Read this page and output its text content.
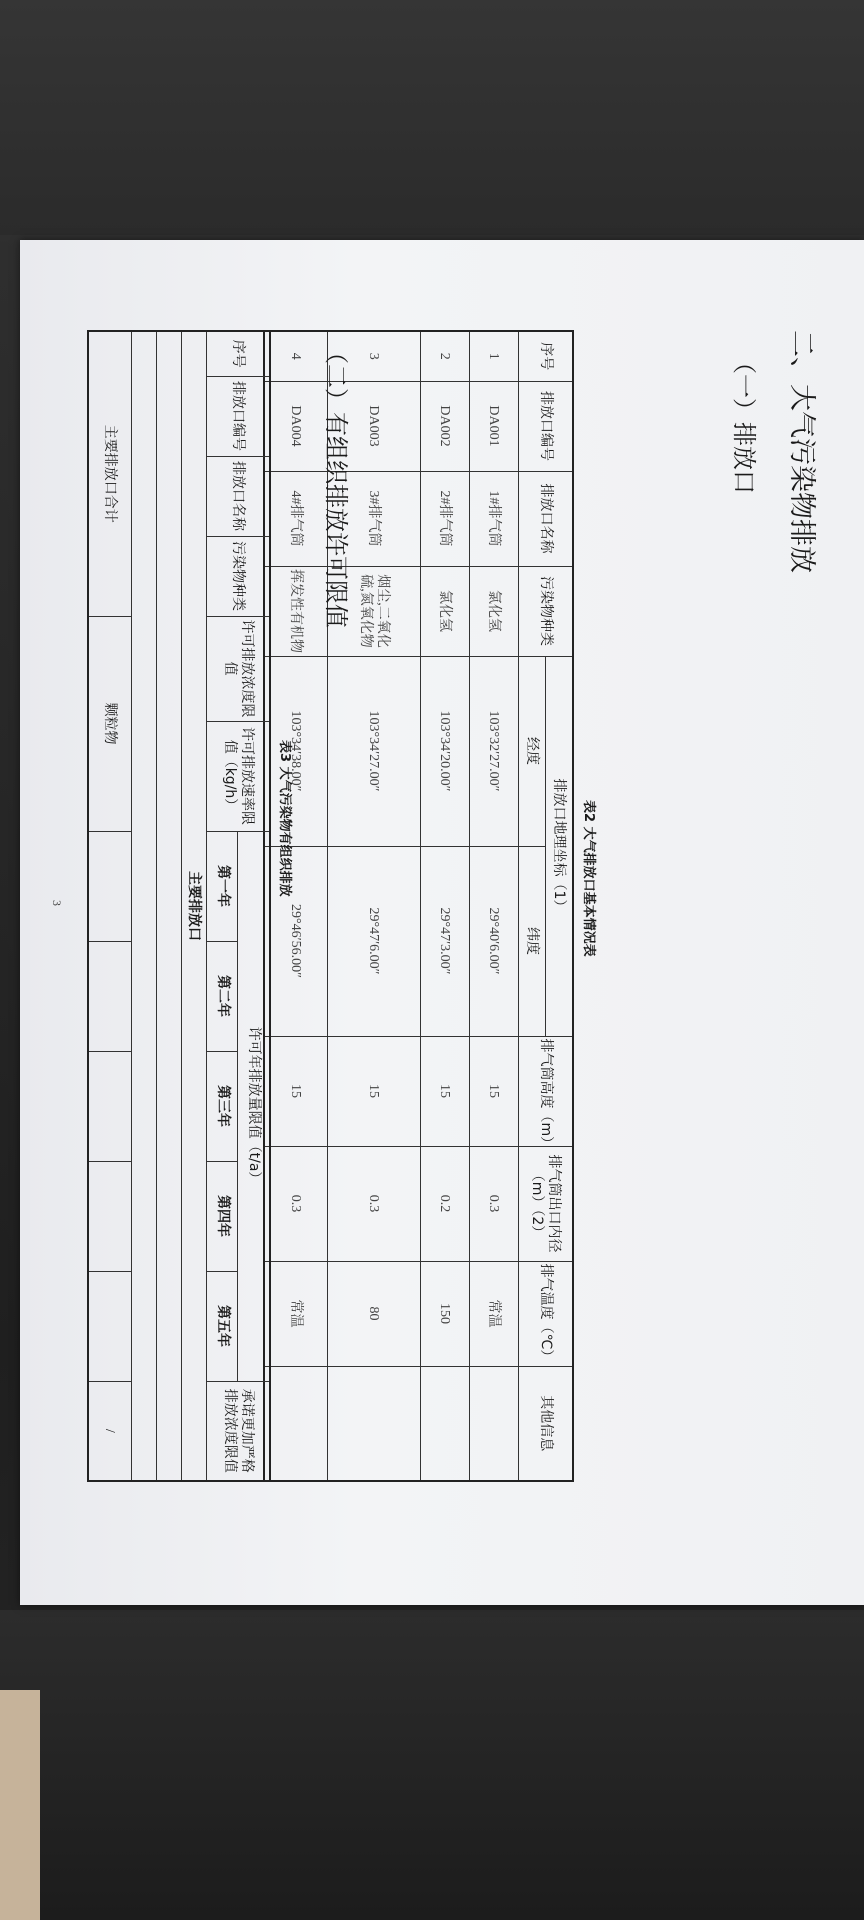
二、大气污染物排放
（一）排放口
表2 大气排放口基本情况表
序号	排放口编号	排放口名称	污染物种类	排放口地理坐标（1）		排气筒高度（m）	排气筒出口内径（m）（2）	排气温度（℃）	其他信息
				经度	纬度				
1	DA001	1#排气筒	氯化氢	103°32′27.00″	29°40′6.00″	15	0.3	常温	
2	DA002	2#排气筒	氯化氢	103°34′20.00″	29°47′3.00″	15	0.2	150	
3	DA003	3#排气筒	烟尘,二氧化硫,氮氧化物	103°34′27.00″	29°47′6.00″	15	0.3	80	
4	DA004	4#排气筒	挥发性有机物	103°34′38.00″	29°46′56.00″	15	0.3	常温	
（二）有组织排放许可限值
表3 大气污染物有组织排放
序号	排放口编号	排放口名称	污染物种类	许可排放浓度限值	许可排放速率限值（kg/h）	许可年排放量限值（t/a）					承诺更加严格排放浓度限值
						第一年	第二年	第三年	第四年	第五年	
主要排放口											

主要排放口合计				颗粒物							/
3
